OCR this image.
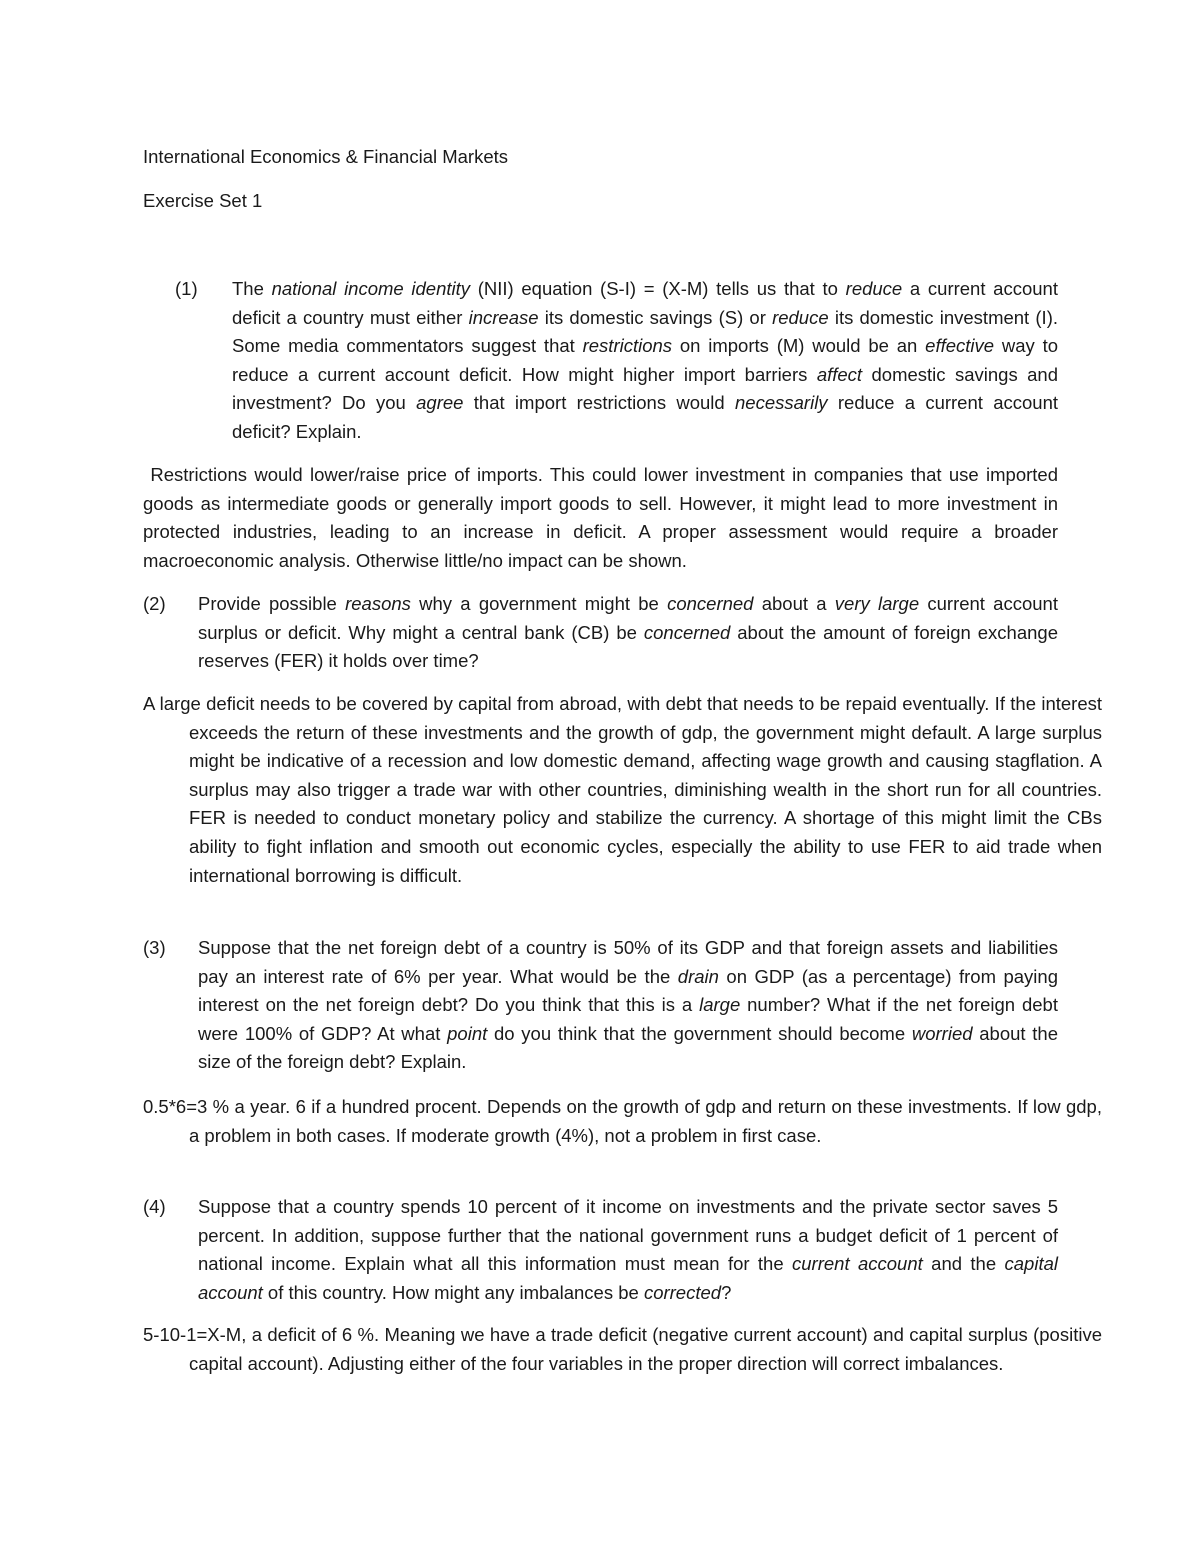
International Economics & Financial Markets
Exercise Set 1
(1) The national income identity (NII) equation (S-I) = (X-M) tells us that to reduce a current account deficit a country must either increase its domestic savings (S) or reduce its domestic investment (I). Some media commentators suggest that restrictions on imports (M) would be an effective way to reduce a current account deficit. How might higher import barriers affect domestic savings and investment? Do you agree that import restrictions would necessarily reduce a current account deficit? Explain.
Restrictions would lower/raise price of imports. This could lower investment in companies that use imported goods as intermediate goods or generally import goods to sell. However, it might lead to more investment in protected industries, leading to an increase in deficit. A proper assessment would require a broader macroeconomic analysis. Otherwise little/no impact can be shown.
(2) Provide possible reasons why a government might be concerned about a very large current account surplus or deficit. Why might a central bank (CB) be concerned about the amount of foreign exchange reserves (FER) it holds over time?
A large deficit needs to be covered by capital from abroad, with debt that needs to be repaid eventually. If the interest exceeds the return of these investments and the growth of gdp, the government might default. A large surplus might be indicative of a recession and low domestic demand, affecting wage growth and causing stagflation. A surplus may also trigger a trade war with other countries, diminishing wealth in the short run for all countries. FER is needed to conduct monetary policy and stabilize the currency. A shortage of this might limit the CBs ability to fight inflation and smooth out economic cycles, especially the ability to use FER to aid trade when international borrowing is difficult.
(3) Suppose that the net foreign debt of a country is 50% of its GDP and that foreign assets and liabilities pay an interest rate of 6% per year. What would be the drain on GDP (as a percentage) from paying interest on the net foreign debt? Do you think that this is a large number? What if the net foreign debt were 100% of GDP? At what point do you think that the government should become worried about the size of the foreign debt? Explain.
0.5*6=3 % a year. 6 if a hundred procent. Depends on the growth of gdp and return on these investments. If low gdp, a problem in both cases. If moderate growth (4%), not a problem in first case.
(4) Suppose that a country spends 10 percent of it income on investments and the private sector saves 5 percent. In addition, suppose further that the national government runs a budget deficit of 1 percent of national income. Explain what all this information must mean for the current account and the capital account of this country. How might any imbalances be corrected?
5-10-1=X-M, a deficit of 6 %. Meaning we have a trade deficit (negative current account) and capital surplus (positive capital account). Adjusting either of the four variables in the proper direction will correct imbalances.
